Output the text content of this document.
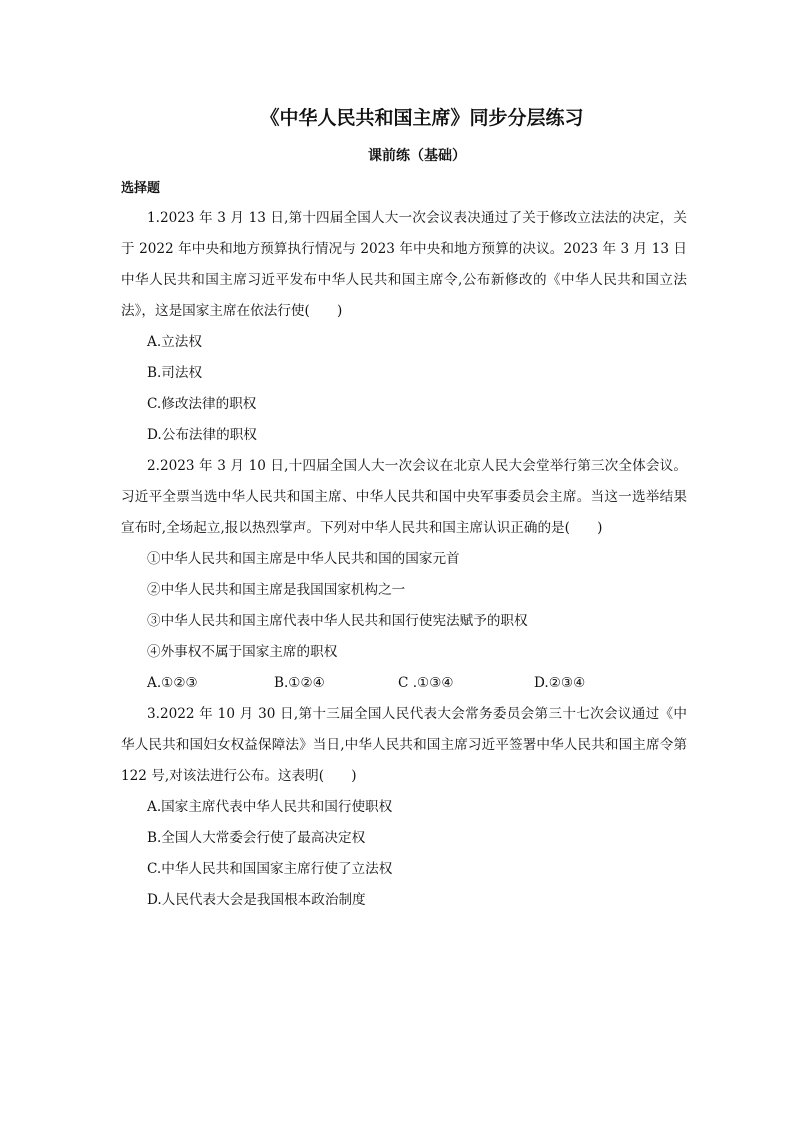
《中华人民共和国主席》同步分层练习
课前练（基础）
选择题

1.2023 年 3 月 13 日,第十四届全国人大一次会议表决通过了关于修改立法法的决定，关于 2022 年中央和地方预算执行情况与 2023 年中央和地方预算的决议。2023 年 3 月 13 日中华人民共和国主席习近平发布中华人民共和国主席令,公布新修改的《中华人民共和国立法法》，这是国家主席在依法行使(　　)

A.立法权

B.司法权

C.修改法律的职权

D.公布法律的职权

2.2023 年 3 月 10 日,十四届全国人大一次会议在北京人民大会堂举行第三次全体会议。习近平全票当选中华人民共和国主席、中华人民共和国中央军事委员会主席。当这一选举结果宣布时,全场起立,报以热烈掌声。下列对中华人民共和国主席认识正确的是(　　)

①中华人民共和国主席是中华人民共和国的国家元首

②中华人民共和国主席是我国国家机构之一

③中华人民共和国主席代表中华人民共和国行使宪法赋予的职权

④外事权不属于国家主席的职权

A.①②③	B.①②④	C .①③④	D.②③④

3.2022 年 10 月 30 日,第十三届全国人民代表大会常务委员会第三十七次会议通过《中华人民共和国妇女权益保障法》当日,中华人民共和国主席习近平签署中华人民共和国主席令第 122 号,对该法进行公布。这表明(　　)

A.国家主席代表中华人民共和国行使职权

B.全国人大常委会行使了最高决定权

C.中华人民共和国国家主席行使了立法权

D.人民代表大会是我国根本政治制度
